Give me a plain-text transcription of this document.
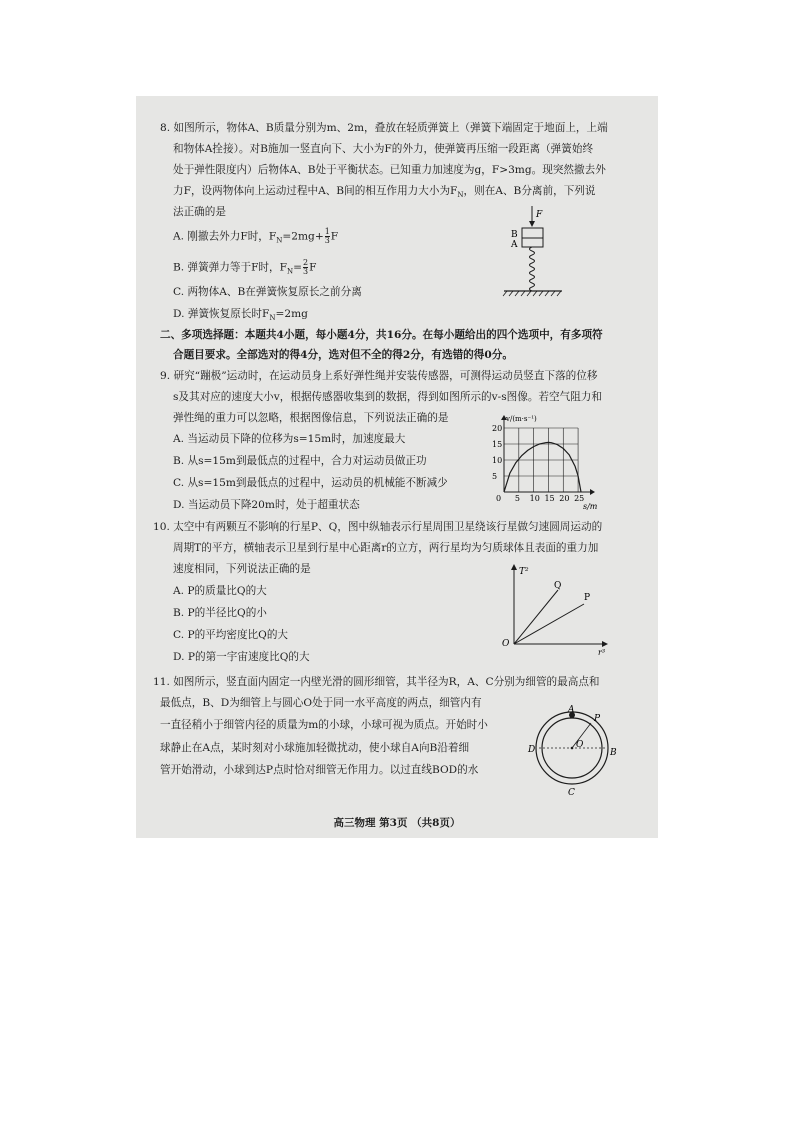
8. 如图所示，物体A、B质量分别为m、2m，叠放在轻质弹簧上（弹簧下端固定于地面上，上端
和物体A拴接）。对B施加一竖直向下、大小为F的外力，使弹簧再压缩一段距离（弹簧始终
处于弹性限度内）后物体A、B处于平衡状态。已知重力加速度为g，F>3mg。现突然撤去外
力F，设两物体向上运动过程中A、B间的相互作用力大小为$F_N$，则在A、B分离前，下列说
法正确的是
A. 刚撤去外力F时，$F_N=2mg+ \frac{1}{3}$ F
B. 弹簧弹力等于F时，$F_N= \frac{2}{3}$ F
C. 两物体A、B在弹簧恢复原长之前分离
D. 弹簧恢复原长时$F_N=2mg$
F
B
A
二、多项选择题：本题共4小题，每小题4分，共16分。在每小题给出的四个选项中，有多项符
合题目要求。全部选对的得4分，选对但不全的得2分，有选错的得0分。
9. 研究“蹦极”运动时，在运动员身上系好弹性绳并安装传感器，可测得运动员竖直下落的位移
s及其对应的速度大小v，根据传感器收集到的数据，得到如图所示的v-s图像。若空气阻力和
弹性绳的重力可以忽略，根据图像信息，下列说法正确的是
A. 当运动员下降的位移为s=15m时，加速度最大
B. 从s=15m到最低点的过程中，合力对运动员做正功
C. 从s=15m到最低点的过程中，运动员的机械能不断减少
D. 当运动员下降20m时，处于超重状态
0 5 10 15 20 25
5
10
15
20
v/(m·s⁻¹)
s/m
10. 太空中有两颗互不影响的行星P、Q，图中纵轴表示行星周围卫星绕该行星做匀速圆周运动的
周期T的平方，横轴表示卫星到行星中心距离r的立方，两行星均为匀质球体且表面的重力加
速度相同，下列说法正确的是
A. P的质量比Q的大
B. P的半径比Q的小
C. P的平均密度比Q的大
D. P的第一宇宙速度比Q的大
T²
r³
O
Q
P
11. 如图所示，竖直面内固定一内壁光滑的圆形细管，其半径为R，A、C分别为细管的最高点和
最低点，B、D为细管上与圆心O处于同一水平高度的两点，细管内有
一直径稍小于细管内径的质量为m的小球，小球可视为质点。开始时小
球静止在A点，某时刻对小球施加轻微扰动，使小球自A向B沿着细
管开始滑动，小球到达P点时恰对细管无作用力。以过直线BOD的水
A
P
B
D
C
O
高三物理 第3页 （共8页）
